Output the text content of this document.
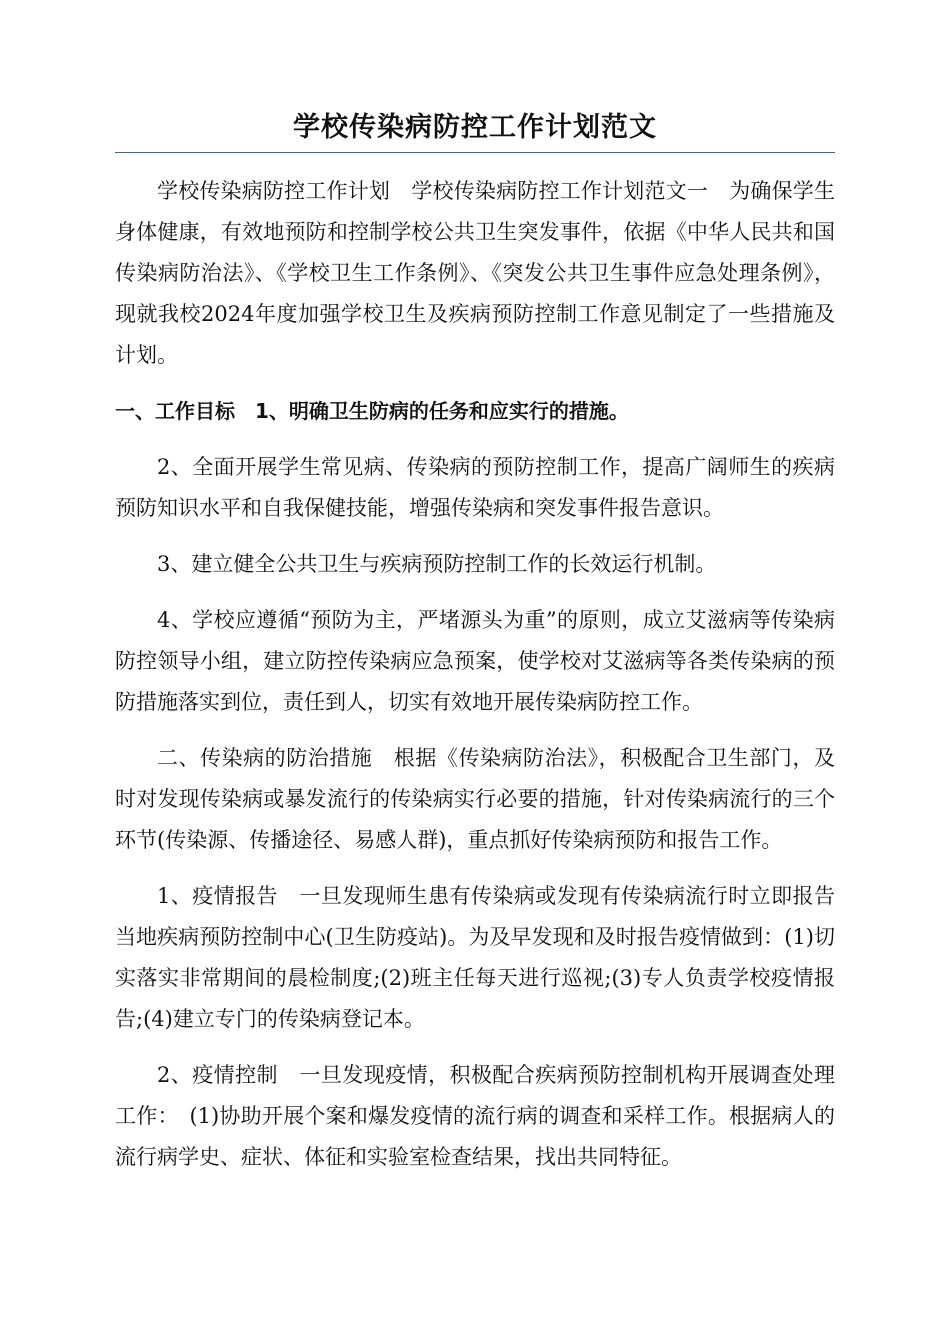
学校传染病防控工作计划范文

学校传染病防控工作计划　学校传染病防控工作计划范文一　为确保学生身体健康，有效地预防和控制学校公共卫生突发事件，依据《中华人民共和国传染病防治法》、《学校卫生工作条例》、《突发公共卫生事件应急处理条例》，现就我校2024年度加强学校卫生及疾病预防控制工作意见制定了一些措施及计划。

一、工作目标　1、明确卫生防病的任务和应实行的措施。

2、全面开展学生常见病、传染病的预防控制工作，提高广阔师生的疾病预防知识水平和自我保健技能，增强传染病和突发事件报告意识。

3、建立健全公共卫生与疾病预防控制工作的长效运行机制。

4、学校应遵循“预防为主，严堵源头为重”的原则，成立艾滋病等传染病防控领导小组，建立防控传染病应急预案，使学校对艾滋病等各类传染病的预防措施落实到位，责任到人，切实有效地开展传染病防控工作。

二、传染病的防治措施　根据《传染病防治法》，积极配合卫生部门，及时对发现传染病或暴发流行的传染病实行必要的措施，针对传染病流行的三个环节(传染源、传播途径、易感人群)，重点抓好传染病预防和报告工作。

1、疫情报告　一旦发现师生患有传染病或发现有传染病流行时立即报告当地疾病预防控制中心(卫生防疫站)。为及早发现和及时报告疫情做到：(1)切实落实非常期间的晨检制度;(2)班主任每天进行巡视;(3)专人负责学校疫情报告;(4)建立专门的传染病登记本。

2、疫情控制　一旦发现疫情，积极配合疾病预防控制机构开展调查处理工作：　(1)协助开展个案和爆发疫情的流行病的调查和采样工作。根据病人的流行病学史、症状、体征和实验室检查结果，找出共同特征。
